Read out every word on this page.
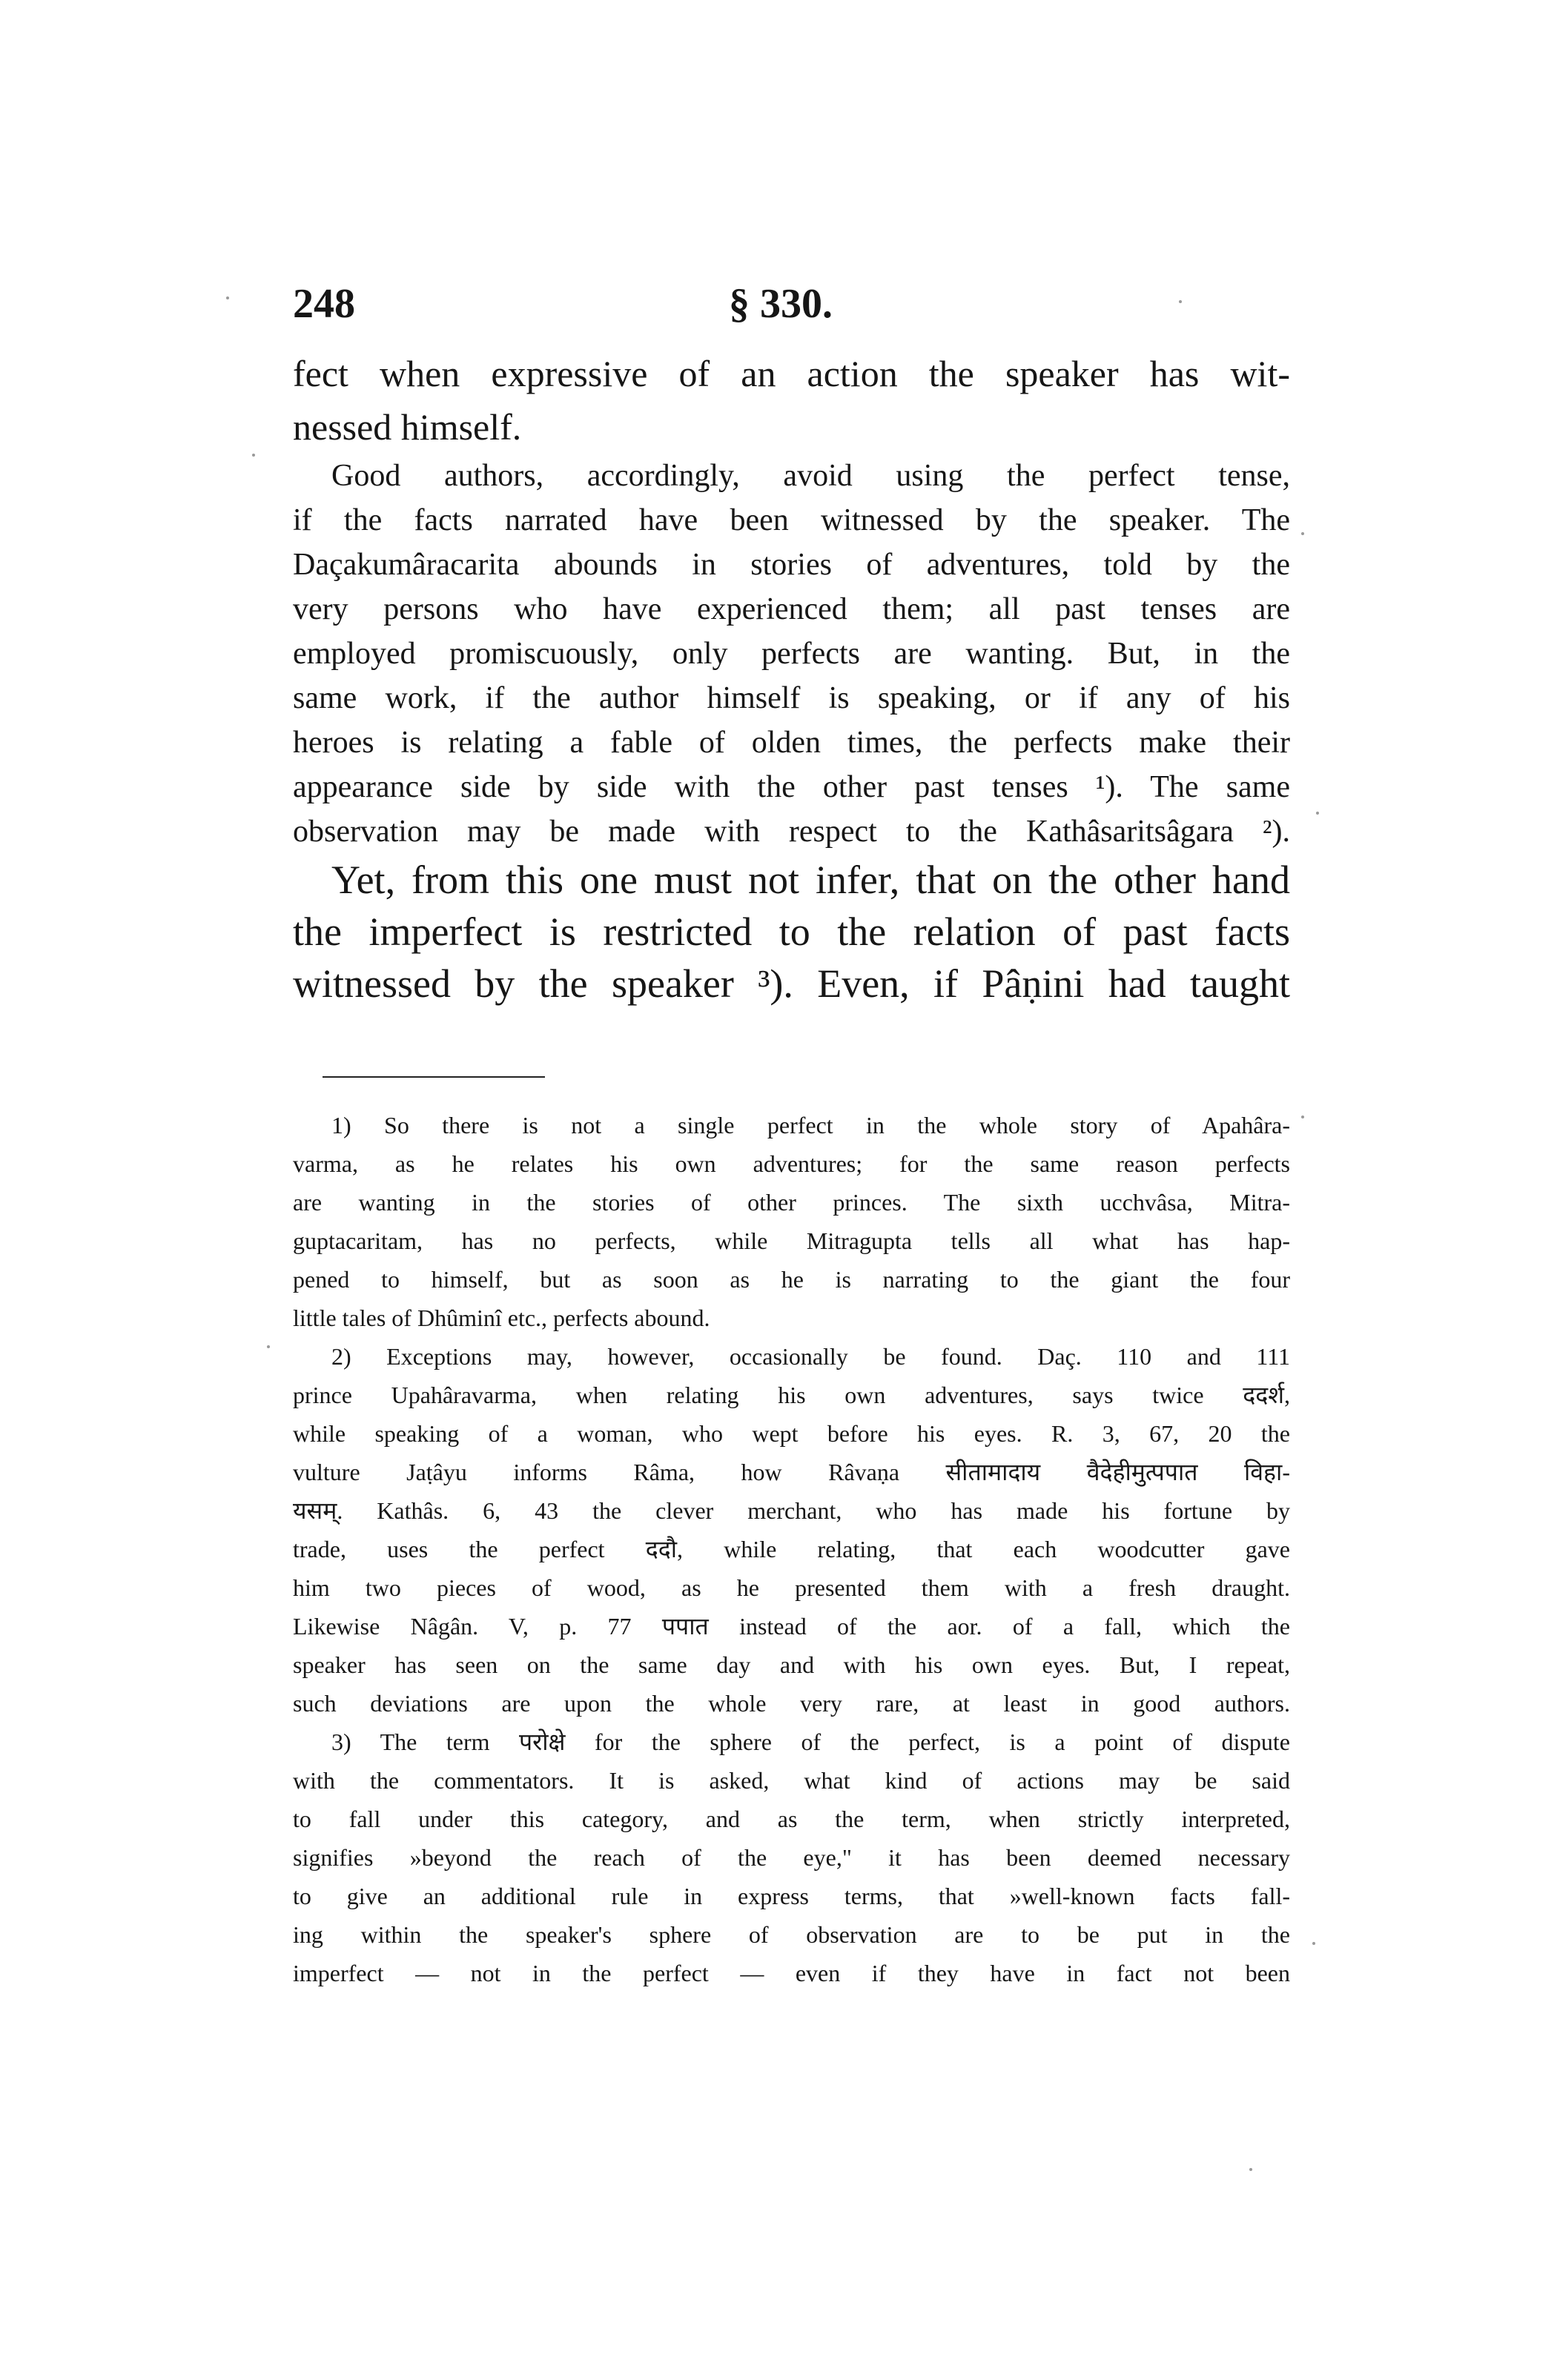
248	§ 330.
fect when expressive of an action the speaker has wit-
nessed himself.
Good authors, accordingly, avoid using the perfect tense,
if the facts narrated have been witnessed by the speaker. The
Daçakumâracarita abounds in stories of adventures, told by the
very persons who have experienced them; all past tenses are
employed promiscuously, only perfects are wanting. But, in the
same work, if the author himself is speaking, or if any of his
heroes is relating a fable of olden times, the perfects make their
appearance side by side with the other past tenses ¹). The same
observation may be made with respect to the Kathâsaritsâgara ²).
Yet, from this one must not infer, that on the other hand
the imperfect is restricted to the relation of past facts
witnessed by the speaker ³). Even, if Pâṇini had taught
1) So there is not a single perfect in the whole story of Apahâra-
varma, as he relates his own adventures; for the same reason perfects
are wanting in the stories of other princes. The sixth ucchvâsa, Mitra-
guptacaritam, has no perfects, while Mitragupta tells all what has hap-
pened to himself, but as soon as he is narrating to the giant the four
little tales of Dhûminî etc., perfects abound.
2) Exceptions may, however, occasionally be found. Daç. 110 and 111
prince Upahâravarma, when relating his own adventures, says twice ददर्श,
while speaking of a woman, who wept before his eyes. R. 3, 67, 20 the
vulture Jaṭâyu informs Râma, how Râvaṇa सीतामादाय वैदेहीमुत्पपात विहा-
यसम्. Kathâs. 6, 43 the clever merchant, who has made his fortune by
trade, uses the perfect ददौ, while relating, that each woodcutter gave
him two pieces of wood, as he presented them with a fresh draught.
Likewise Nâgân. V, p. 77 पपात instead of the aor. of a fall, which the
speaker has seen on the same day and with his own eyes. But, I repeat,
such deviations are upon the whole very rare, at least in good authors.
3) The term परोक्षे for the sphere of the perfect, is a point of dispute
with the commentators. It is asked, what kind of actions may be said
to fall under this category, and as the term, when strictly interpreted,
signifies »beyond the reach of the eye," it has been deemed necessary
to give an additional rule in express terms, that »well-known facts fall-
ing within the speaker's sphere of observation are to be put in the
imperfect — not in the perfect — even if they have in fact not been
